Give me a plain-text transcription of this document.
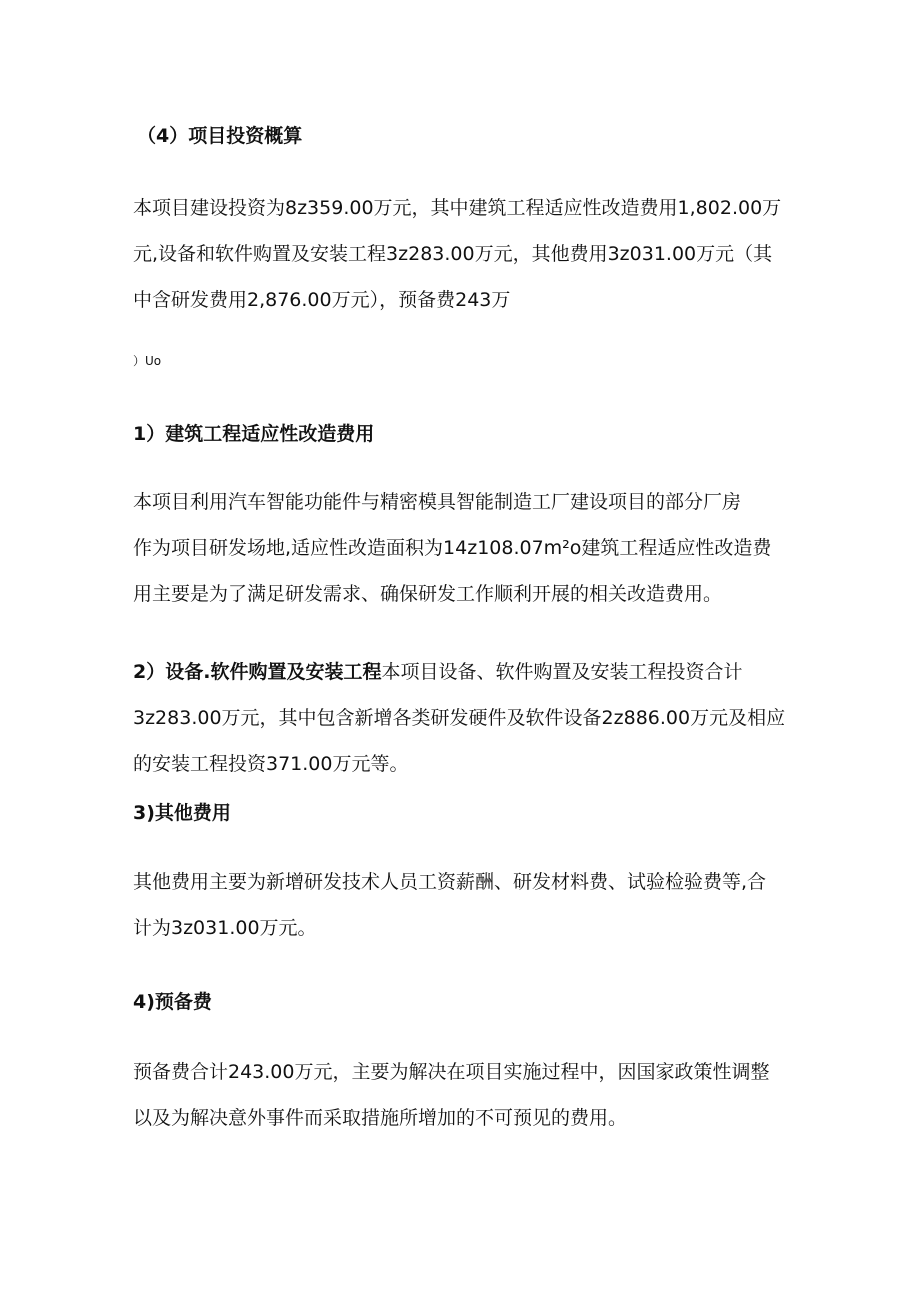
（4）项目投资概算
本项目建设投资为8z359.00万元，其中建筑工程适应性改造费用1,802.00万
元,设备和软件购置及安装工程3z283.00万元，其他费用3z031.00万元（其
中含研发费用2,876.00万元），预备费243万
）Uo
1）建筑工程适应性改造费用
本项目利用汽车智能功能件与精密模具智能制造工厂建设项目的部分厂房
作为项目研发场地,适应性改造面积为14z108.07m²o建筑工程适应性改造费
用主要是为了满足研发需求、确保研发工作顺利开展的相关改造费用。
2）设备.软件购置及安装工程本项目设备、软件购置及安装工程投资合计
3z283.00万元，其中包含新增各类研发硬件及软件设备2z886.00万元及相应
的安装工程投资371.00万元等。
3)其他费用
其他费用主要为新增研发技术人员工资薪酬、研发材料费、试验检验费等,合
计为3z031.00万元。
4)预备费
预备费合计243.00万元，主要为解决在项目实施过程中，因国家政策性调整
以及为解决意外事件而采取措施所增加的不可预见的费用。
